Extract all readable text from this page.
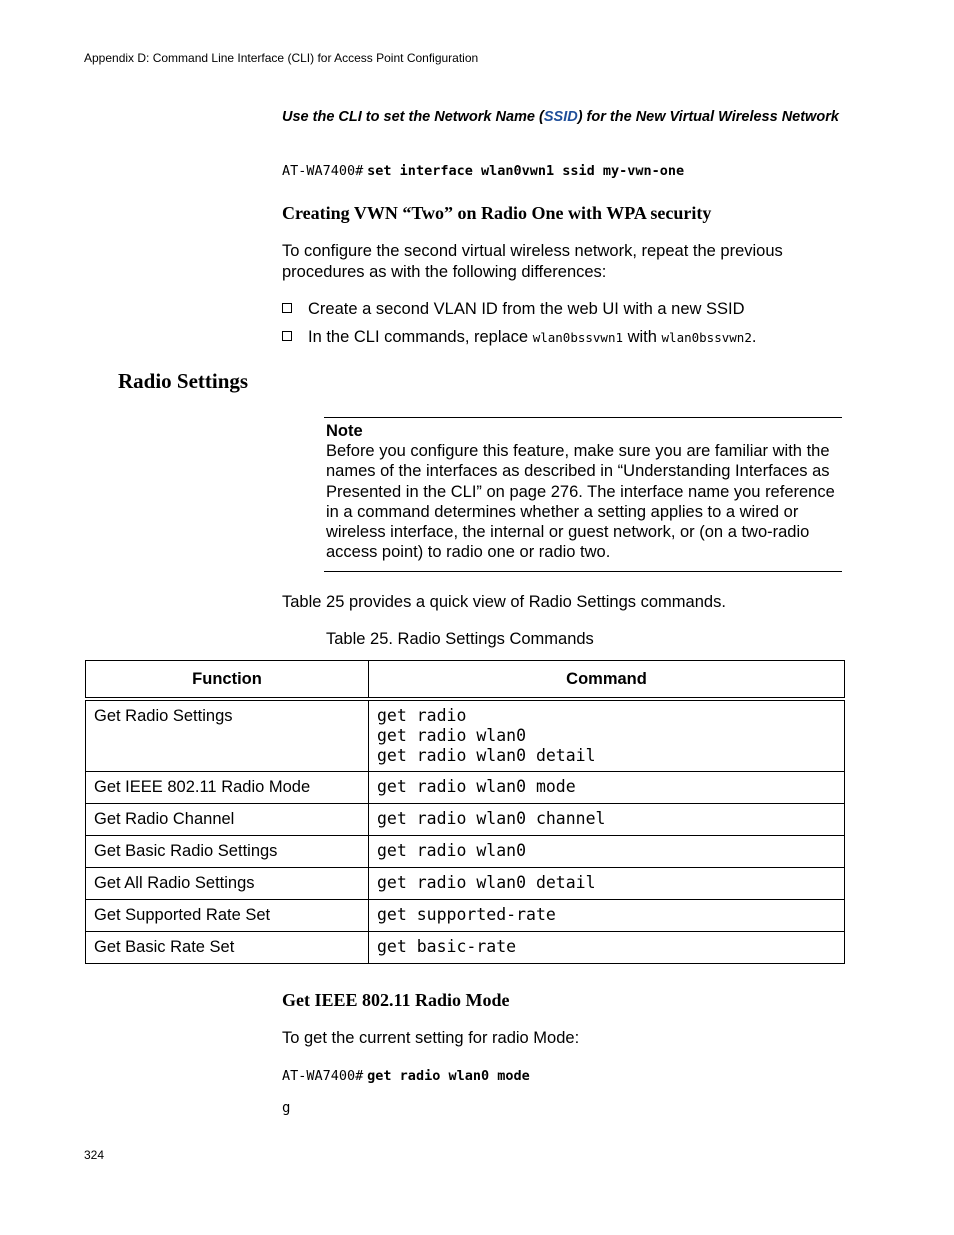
Appendix D: Command Line Interface (CLI) for Access Point Configuration
Use the CLI to set the Network Name (SSID) for the New Virtual Wireless Network
AT-WA7400# set interface wlan0vwn1 ssid my-vwn-one
Creating VWN “Two” on Radio One with WPA security
To configure the second virtual wireless network, repeat the previous procedures as with the following differences:
Create a second VLAN ID from the web UI with a new SSID
In the CLI commands, replace wlan0bssvwn1 with wlan0bssvwn2.
Radio Settings
Note
Before you configure this feature, make sure you are familiar with the names of the interfaces as described in “Understanding Interfaces as Presented in the CLI” on page 276. The interface name you reference in a command determines whether a setting applies to a wired or wireless interface, the internal or guest network, or (on a two-radio access point) to radio one or radio two.
Table 25 provides a quick view of Radio Settings commands.
Table 25. Radio Settings Commands
Function	Command
Get Radio Settings	get radio
get radio wlan0
get radio wlan0 detail

Get IEEE 802.11 Radio Mode	get radio wlan0 mode
Get Radio Channel	get radio wlan0 channel
Get Basic Radio Settings	get radio wlan0
Get All Radio Settings	get radio wlan0 detail
Get Supported Rate Set	get supported-rate
Get Basic Rate Set	get basic-rate
Get IEEE 802.11 Radio Mode
To get the current setting for radio Mode:
AT-WA7400# get radio wlan0 mode
g
324
